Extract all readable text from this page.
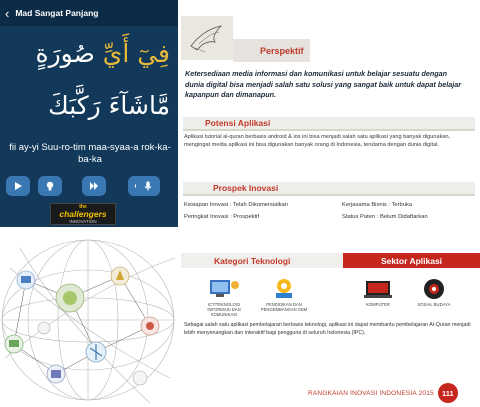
‹ Mad Sangat Panjang
فِيٓ أَيِّ صُورَةٍ
مَّاشَآءَ رَكَّبَكَ
fii ay-yi Suu-ro-tim maa-syaa-a rok-ka-ba-ka
the
challengers
INNOVATION
Perspektif
Ketersediaan media informasi dan komunikasi untuk belajar sesuatu dengan dunia digital bisa menjadi salah satu solusi yang sangat baik untuk dapat belajar kapanpun dan dimanapun.
Potensi Aplikasi
Aplikasi tutorial al-quran berbasis android & ios ini bisa menjadi salah satu aplikasi yang banyak digunakan, mengingat media aplikasi ini bisa digunakan banyak orang di Indonesia, terutama dengan dunia digital.
Prospek Inovasi
Kesiapan Inovasi : Telah Dikomersialkan	Kerjasama Bisnis : Terbuka
Peringkat Inovasi : Prospektif	Status Paten : Belum Didaftarkan
Kategori Teknologi	Sektor Aplikasi
ICT/TEKNOLOGI INFORMASI DAN KOMUNIKASI
PENDIDIKAN DAN PENGEMBANGAN SDM
KOMPUTER	SOSIAL BUDAYA
Sebagai salah satu aplikasi pembelajaran berbasis teknologi, aplikasi ini dapat membantu pembelajaran Al-Quran menjadi lebih menyenangkan dan interaktif bagi pengguna di seluruh Indonesia (IPC).
RANGKAIAN INOVASI INDONESIA 2015	111
